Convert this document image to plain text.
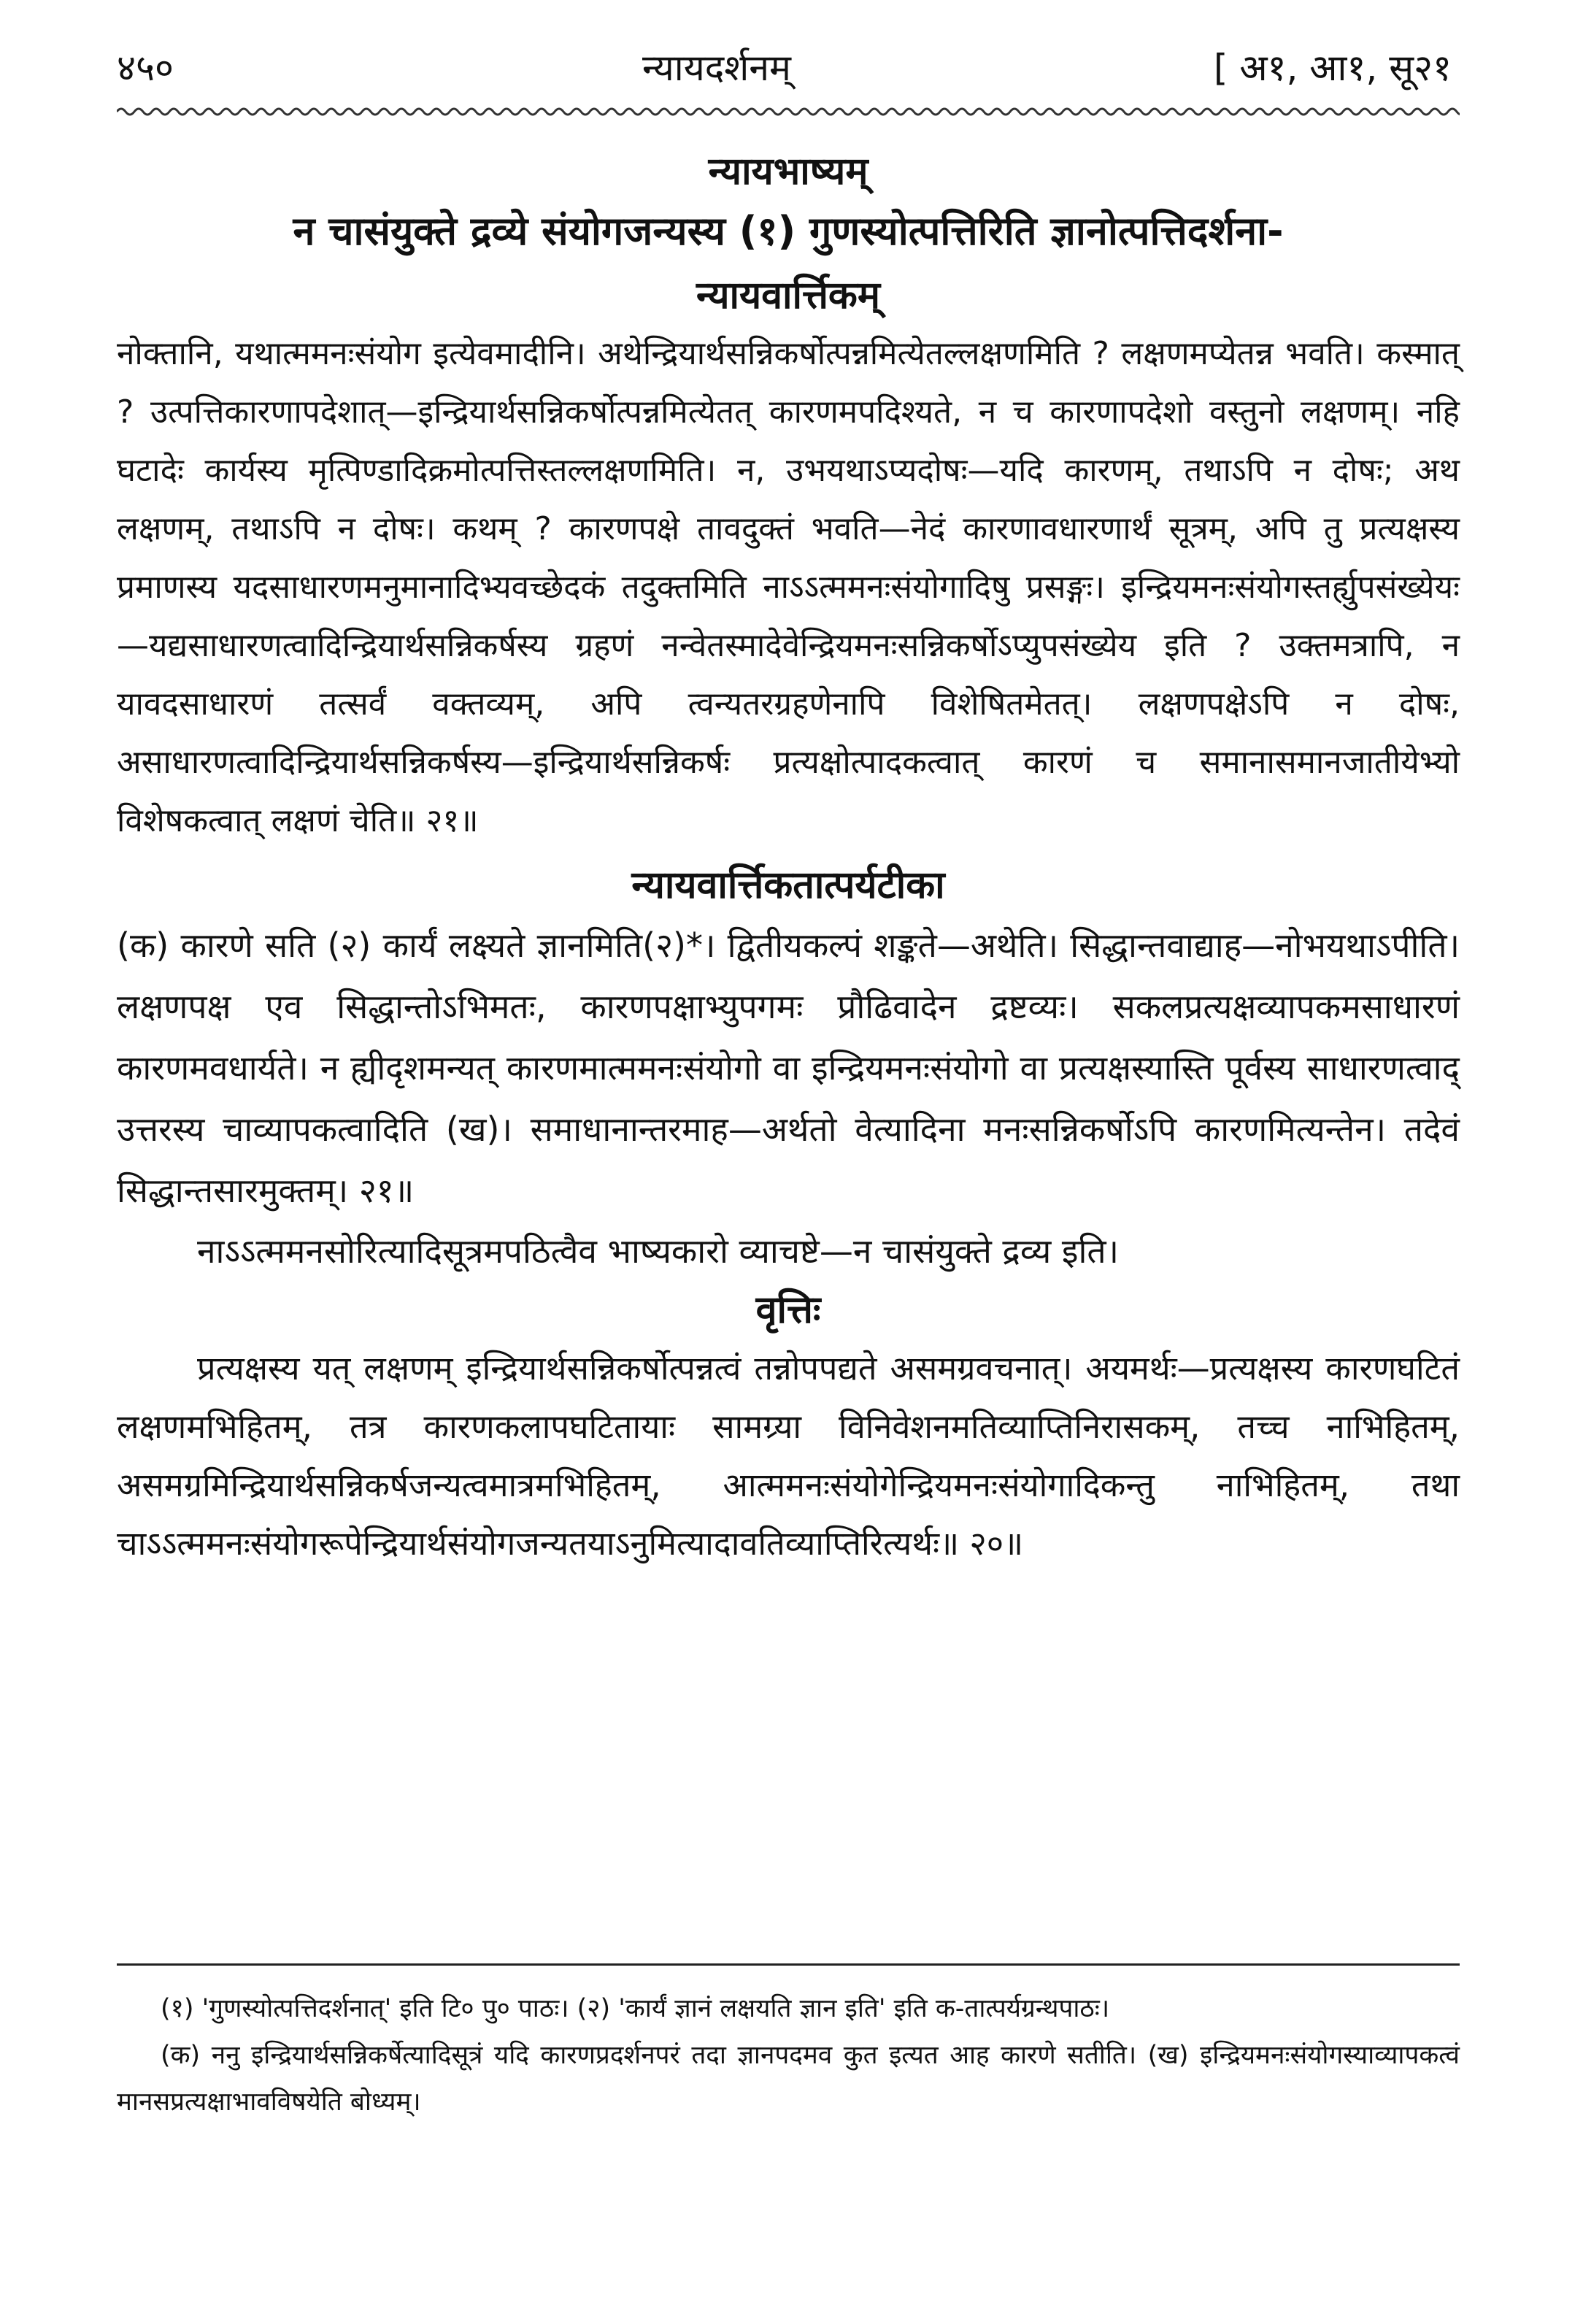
४५०	न्यायदर्शनम्	[ अ१, आ१, सू२१

न्यायभाष्यम्

न चासंयुक्ते द्रव्ये संयोगजन्यस्य (१) गुणस्योत्पत्तिरिति ज्ञानोत्पत्तिदर्शना-

न्यायवार्त्तिकम्

नोक्तानि, यथात्ममनःसंयोग इत्येवमादीनि। अथेन्द्रियार्थसन्निकर्षोत्पन्नमित्येतल्लक्षणमिति ? लक्षणमप्येतन्न भवति। कस्मात् ? उत्पत्तिकारणापदेशात्—इन्द्रियार्थसन्निकर्षोत्पन्नमित्येतत् कारणमपदिश्यते, न च कारणापदेशो वस्तुनो लक्षणम्। नहि घटादेः कार्यस्य मृत्पिण्डादिक्रमोत्पत्तिस्तल्लक्षणमिति। न, उभयथाऽप्यदोषः—यदि कारणम्, तथाऽपि न दोषः; अथ लक्षणम्, तथाऽपि न दोषः। कथम् ? कारणपक्षे तावदुक्तं भवति—नेदं कारणावधारणार्थं सूत्रम्, अपि तु प्रत्यक्षस्य प्रमाणस्य यदसाधारणमनुमानादिभ्यवच्छेदकं तदुक्तमिति नाऽऽत्ममनःसंयोगादिषु प्रसङ्गः। इन्द्रियमनःसंयोगस्तर्ह्युपसंख्येयः—यद्यसाधारणत्वादिन्द्रियार्थसन्निकर्षस्य ग्रहणं नन्वेतस्मादेवेन्द्रियमनःसन्निकर्षोऽप्युपसंख्येय इति ? उक्तमत्रापि, न यावदसाधारणं तत्सर्वं वक्तव्यम्, अपि त्वन्यतरग्रहणेनापि विशेषितमेतत्। लक्षणपक्षेऽपि न दोषः, असाधारणत्वादिन्द्रियार्थसन्निकर्षस्य—इन्द्रियार्थसन्निकर्षः प्रत्यक्षोत्पादकत्वात् कारणं च समानासमानजातीयेभ्यो विशेषकत्वात् लक्षणं चेति॥ २१॥

न्यायवार्त्तिकतात्पर्यटीका

(क) कारणे सति (२) कार्यं लक्ष्यते ज्ञानमिति(२)*। द्वितीयकल्पं शङ्कते—अथेति। सिद्धान्तवाद्याह—नोभयथाऽपीति। लक्षणपक्ष एव सिद्धान्तोऽभिमतः, कारणपक्षाभ्युपगमः प्रौढिवादेन द्रष्टव्यः। सकलप्रत्यक्षव्यापकमसाधारणं कारणमवधार्यते। न ह्यीदृशमन्यत् कारणमात्ममनःसंयोगो वा इन्द्रियमनःसंयोगो वा प्रत्यक्षस्यास्ति पूर्वस्य साधारणत्वाद् उत्तरस्य चाव्यापकत्वादिति (ख)। समाधानान्तरमाह—अर्थतो वेत्यादिना मनःसन्निकर्षोऽपि कारणमित्यन्तेन। तदेवं सिद्धान्तसारमुक्तम्। २१॥

नाऽऽत्ममनसोरित्यादिसूत्रमपठित्वैव भाष्यकारो व्याचष्टे—न चासंयुक्ते द्रव्य इति।

वृत्तिः

प्रत्यक्षस्य यत् लक्षणम् इन्द्रियार्थसन्निकर्षोत्पन्नत्वं तन्नोपपद्यते असमग्रवचनात्। अयमर्थः—प्रत्यक्षस्य कारणघटितं लक्षणमभिहितम्, तत्र कारणकलापघटितायाः सामग्र्या विनिवेशनमतिव्याप्तिनिरासकम्, तच्च नाभिहितम्, असमग्रमिन्द्रियार्थसन्निकर्षजन्यत्वमात्रमभिहितम्, आत्ममनःसंयोगेन्द्रियमनःसंयोगादिकन्तु नाभिहितम्, तथा चाऽऽत्ममनःसंयोगरूपेन्द्रियार्थसंयोगजन्यतयाऽनुमित्यादावतिव्याप्तिरित्यर्थः॥ २०॥

(१) 'गुणस्योत्पत्तिदर्शनात्' इति टि० पु० पाठः। (२) 'कार्यं ज्ञानं लक्षयति ज्ञान इति' इति क-तात्पर्यग्रन्थपाठः।

(क) ननु इन्द्रियार्थसन्निकर्षेत्यादिसूत्रं यदि कारणप्रदर्शनपरं तदा ज्ञानपदमव कुत इत्यत आह कारणे सतीति। (ख) इन्द्रियमनःसंयोगस्याव्यापकत्वं मानसप्रत्यक्षाभावविषयेति बोध्यम्।
